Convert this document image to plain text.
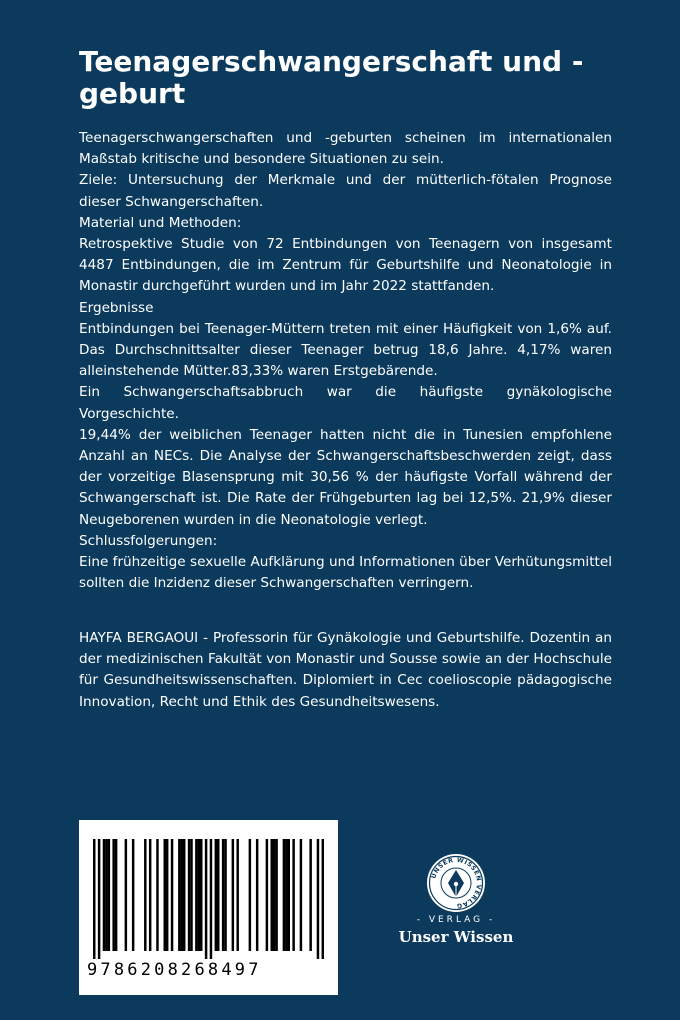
Teenagerschwangerschaft und -geburt

Teenagerschwangerschaften und -geburten scheinen im internationalen Maßstab kritische und besondere Situationen zu sein.

Ziele: Untersuchung der Merkmale und der mütterlich-fötalen Prognose dieser Schwangerschaften.

Material und Methoden:

Retrospektive Studie von 72 Entbindungen von Teenagern von insgesamt 4487 Entbindungen, die im Zentrum für Geburtshilfe und Neonatologie in Monastir durchgeführt wurden und im Jahr 2022 stattfanden.

Ergebnisse

Entbindungen bei Teenager-Müttern treten mit einer Häufigkeit von 1,6% auf. Das Durchschnittsalter dieser Teenager betrug 18,6 Jahre. 4,17% waren alleinstehende Mütter.83,33% waren Erstgebärende.

Ein Schwangerschaftsabbruch war die häufigste gynäkologische Vorgeschichte.

19,44% der weiblichen Teenager hatten nicht die in Tunesien empfohlene Anzahl an NECs. Die Analyse der Schwangerschaftsbeschwerden zeigt, dass der vorzeitige Blasensprung mit 30,56 % der häufigste Vorfall während der Schwangerschaft ist. Die Rate der Frühgeburten lag bei 12,5%. 21,9% dieser Neugeborenen wurden in die Neonatologie verlegt.

Schlussfolgerungen:

Eine frühzeitige sexuelle Aufklärung und Informationen über Verhütungsmittel sollten die Inzidenz dieser Schwangerschaften verringern.

HAYFA BERGAOUI - Professorin für Gynäkologie und Geburtshilfe. Dozentin an der medizinischen Fakultät von Monastir und Sousse sowie an der Hochschule für Gesundheitswissenschaften. Diplomiert in Cec coelioscopie pädagogische Innovation, Recht und Ethik des Gesundheitswesens.

9786208268497
UNSER WISSEN VERLAG
- VERLAG -
Unser Wissen
